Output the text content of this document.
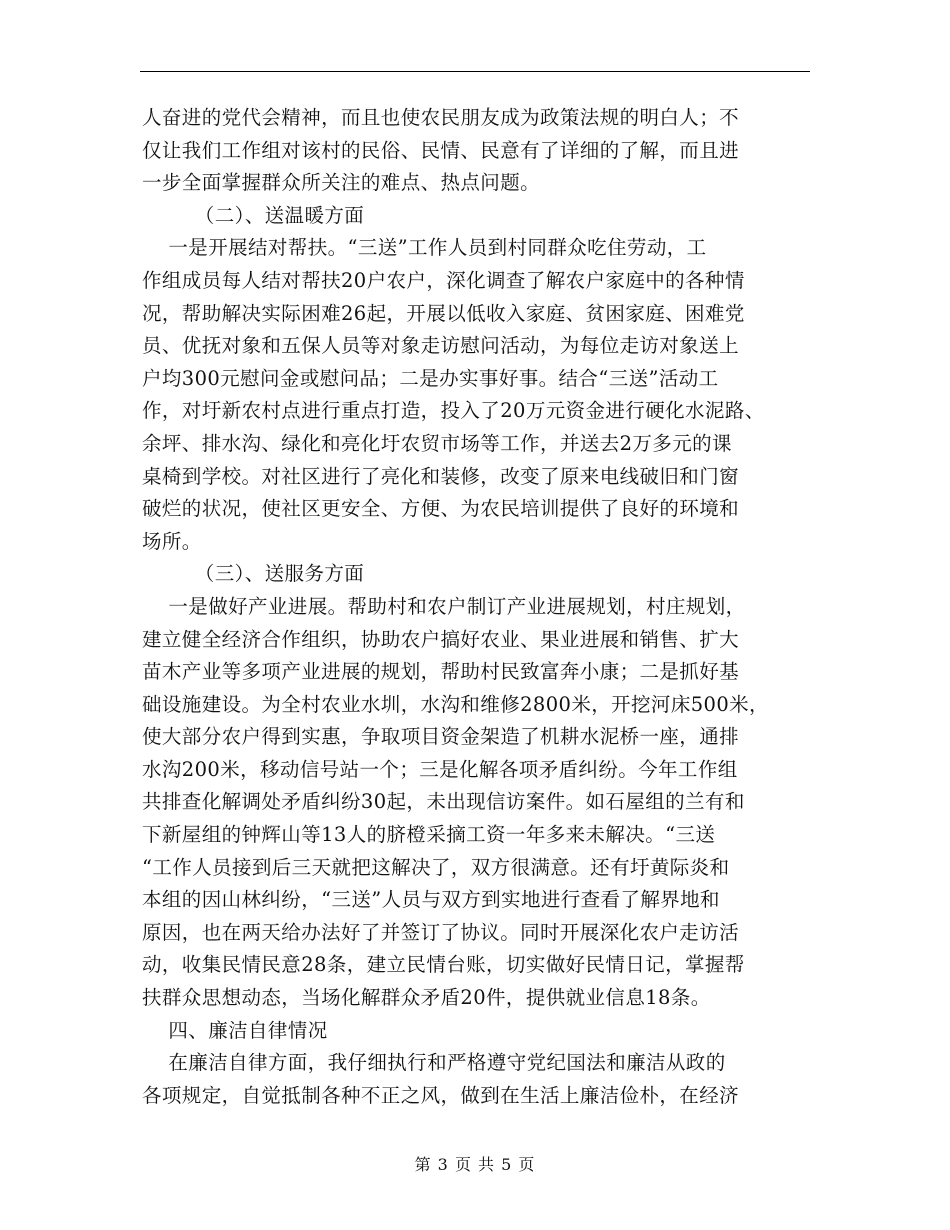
人奋进的党代会精神，而且也使农民朋友成为政策法规的明白人；不
仅让我们工作组对该村的民俗、民情、民意有了详细的了解，而且进
一步全面掌握群众所关注的难点、热点问题。
（二）、送温暖方面
一是开展结对帮扶。“三送”工作人员到村同群众吃住劳动，工
作组成员每人结对帮扶20户农户，深化调查了解农户家庭中的各种情
况，帮助解决实际困难26起，开展以低收入家庭、贫困家庭、困难党
员、优抚对象和五保人员等对象走访慰问活动，为每位走访对象送上
户均300元慰问金或慰问品；二是办实事好事。结合“三送”活动工
作，对圩新农村点进行重点打造，投入了20万元资金进行硬化水泥路、
余坪、排水沟、绿化和亮化圩农贸市场等工作，并送去2万多元的课
桌椅到学校。对社区进行了亮化和装修，改变了原来电线破旧和门窗
破烂的状况，使社区更安全、方便、为农民培训提供了良好的环境和
场所。
（三）、送服务方面
一是做好产业进展。帮助村和农户制订产业进展规划，村庄规划，
建立健全经济合作组织，协助农户搞好农业、果业进展和销售、扩大
苗木产业等多项产业进展的规划，帮助村民致富奔小康；二是抓好基
础设施建设。为全村农业水圳，水沟和维修2800米，开挖河床500米，
使大部分农户得到实惠，争取项目资金架造了机耕水泥桥一座，通排
水沟200米，移动信号站一个；三是化解各项矛盾纠纷。今年工作组
共排查化解调处矛盾纠纷30起，未出现信访案件。如石屋组的兰有和
下新屋组的钟辉山等13人的脐橙采摘工资一年多来未解决。“三送
“工作人员接到后三天就把这解决了，双方很满意。还有圩黄际炎和
本组的因山林纠纷，“三送”人员与双方到实地进行查看了解界地和
原因，也在两天给办法好了并签订了协议。同时开展深化农户走访活
动，收集民情民意28条，建立民情台账，切实做好民情日记，掌握帮
扶群众思想动态，当场化解群众矛盾20件，提供就业信息18条。
四、廉洁自律情况
在廉洁自律方面，我仔细执行和严格遵守党纪国法和廉洁从政的
各项规定，自觉抵制各种不正之风，做到在生活上廉洁俭朴，在经济
第 3 页 共 5 页
